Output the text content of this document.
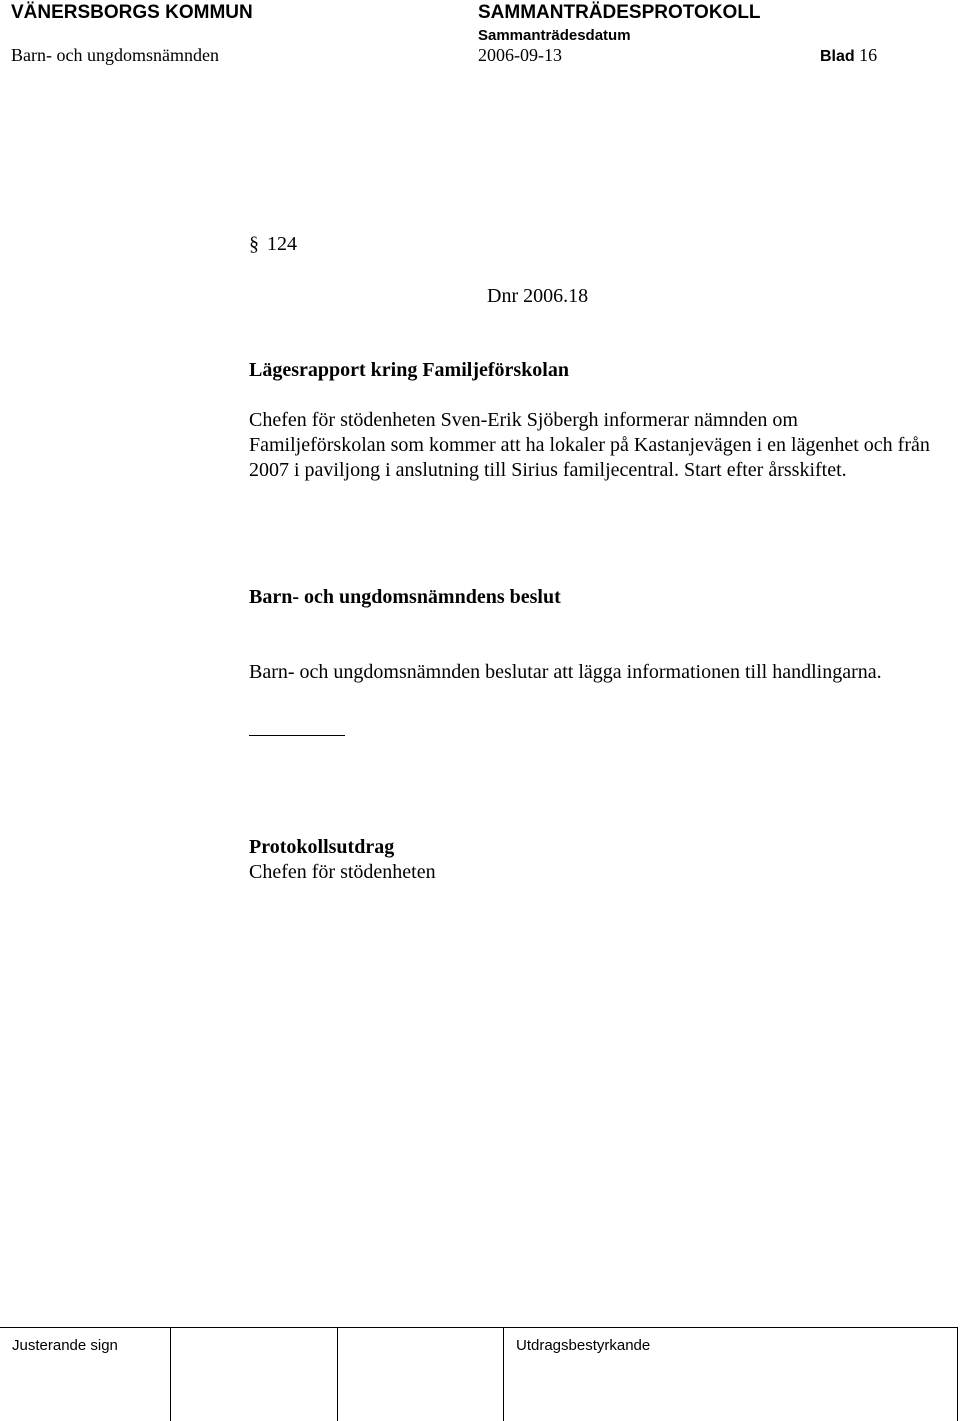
VÄNERSBORGS KOMMUN	SAMMANTRÄDESPROTOKOLL
Sammanträdesdatum
Barn- och ungdomsnämnden	2006-09-13	Blad 16
§ 124
Dnr 2006.18
Lägesrapport kring Familjeförskolan
Chefen för stödenheten Sven-Erik Sjöbergh informerar nämnden om Familjeförskolan som kommer att ha lokaler på Kastanjevägen i en lägenhet och från 2007 i paviljong i anslutning till Sirius familjecentral. Start efter årsskiftet.
Barn- och ungdomsnämndens beslut
Barn- och ungdomsnämnden beslutar att lägga informationen till handlingarna.
Protokollsutdrag
Chefen för stödenheten
Justerande sign	Utdragsbestyrkande
